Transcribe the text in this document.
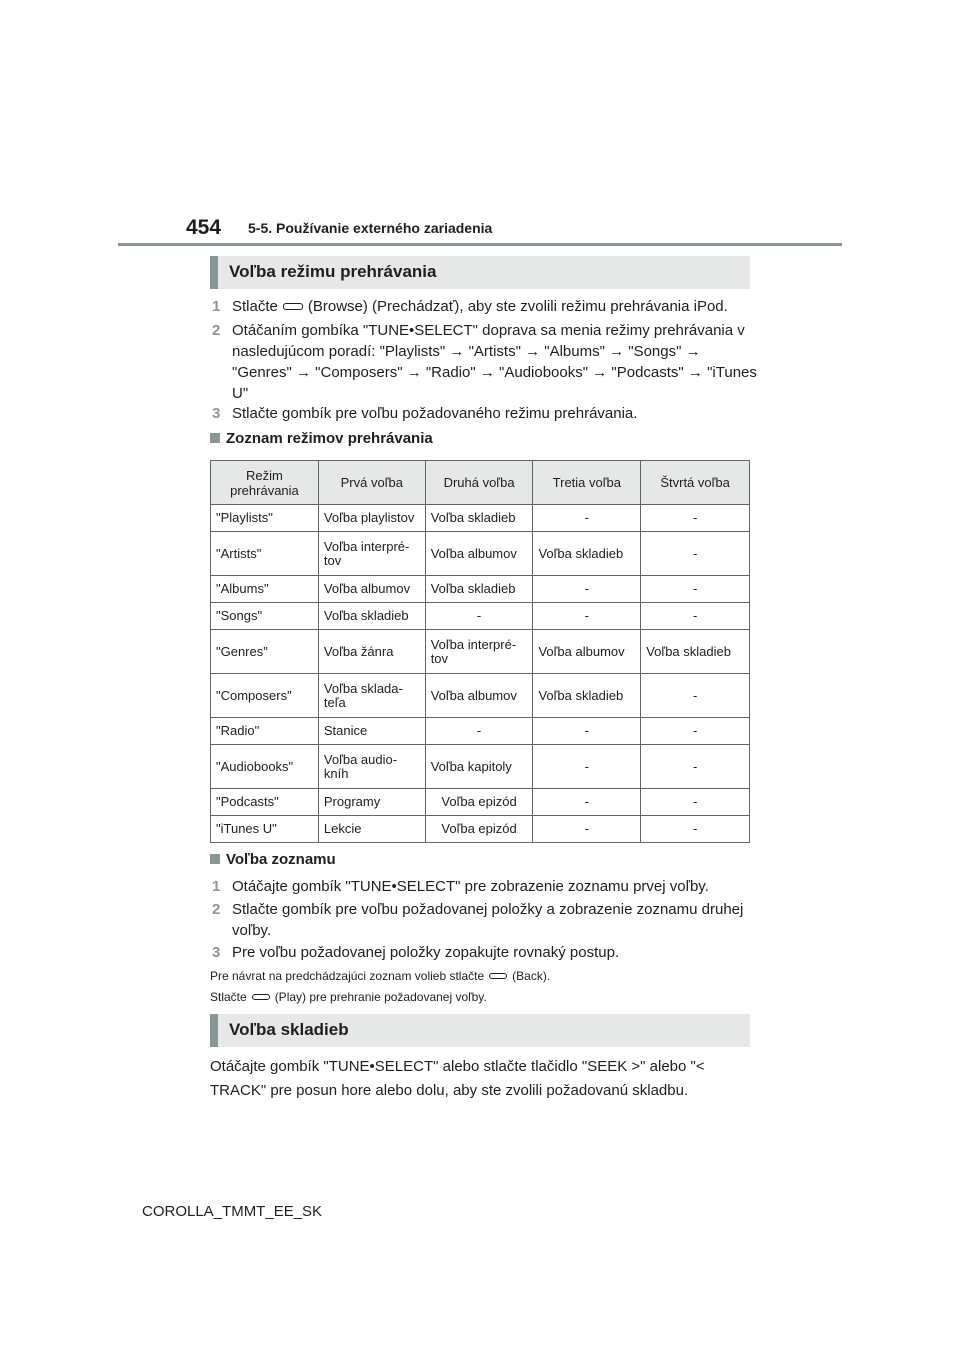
454 5-5. Používanie externého zariadenia
Voľba režimu prehrávania
1 Stlačte (Browse) (Prechádzať), aby ste zvolili režimu prehrávania iPod.
2 Otáčaním gombíka "TUNE•SELECT" doprava sa menia režimy prehrávania v nasledujúcom poradí: "Playlists" → "Artists" → "Albums" → "Songs" → "Genres" → "Composers" → "Radio" → "Audiobooks" → "Podcasts" → "iTunes U"
3 Stlačte gombík pre voľbu požadovaného režimu prehrávania.
Zoznam režimov prehrávania
Režim prehrávania	Prvá voľba	Druhá voľba	Tretia voľba	Štvrtá voľba
"Playlists"	Voľba playlistov	Voľba skladieb	-	-
"Artists"	Voľba interpré-tov	Voľba albumov	Voľba skladieb	-
"Albums"	Voľba albumov	Voľba skladieb	-	-
"Songs"	Voľba skladieb	-	-	-
"Genres"	Voľba žánra	Voľba interpré-tov	Voľba albumov	Voľba skladieb
"Composers"	Voľba sklada-teľa	Voľba albumov	Voľba skladieb	-
"Radio"	Stanice	-	-	-
"Audiobooks"	Voľba audio-kníh	Voľba kapitoly	-	-
"Podcasts"	Programy	Voľba epizód	-	-
"iTunes U"	Lekcie	Voľba epizód	-	-
Voľba zoznamu
1 Otáčajte gombík "TUNE•SELECT" pre zobrazenie zoznamu prvej voľby.
2 Stlačte gombík pre voľbu požadovanej položky a zobrazenie zoznamu druhej voľby.
3 Pre voľbu požadovanej položky zopakujte rovnaký postup.
Pre návrat na predchádzajúci zoznam volieb stlačte (Back).
Stlačte (Play) pre prehranie požadovanej voľby.
Voľba skladieb
Otáčajte gombík "TUNE•SELECT" alebo stlačte tlačidlo "SEEK >" alebo "< TRACK" pre posun hore alebo dolu, aby ste zvolili požadovanú skladbu.
COROLLA_TMMT_EE_SK
